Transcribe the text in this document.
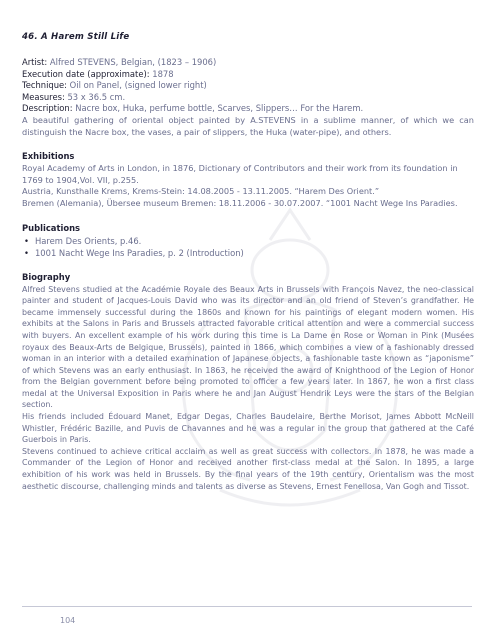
46. A Harem Still Life
Artist: Alfred STEVENS, Belgian, (1823 – 1906)
Execution date (approximate): 1878
Technique: Oil on Panel, (signed lower right)
Measures: 53 x 36.5 cm.
Description: Nacre box, Huka, perfume bottle, Scarves, Slippers… For the Harem.
A beautiful gathering of oriental object painted by A.STEVENS in a sublime manner, of which we can distinguish the Nacre box, the vases, a pair of slippers, the Huka (water-pipe), and others.
Exhibitions
Royal Academy of Arts in London, in 1876, Dictionary of Contributors and their work from its foundation in 1769 to 1904,Vol. VII, p.255.
Austria, Kunsthalle Krems, Krems-Stein: 14.08.2005 - 13.11.2005. “Harem Des Orient.”
Bremen (Alemania), Übersee museum Bremen: 18.11.2006 - 30.07.2007. “1001 Nacht Wege Ins Paradies.
Publications
• Harem Des Orients, p.46.
• 1001 Nacht Wege Ins Paradies, p. 2 (Introduction)
Biography
Alfred Stevens studied at the Académie Royale des Beaux Arts in Brussels with François Navez, the neo-classical painter and student of Jacques-Louis David who was its director and an old friend of Steven’s grandfather. He became immensely successful during the 1860s and known for his paintings of elegant modern women. His exhibits at the Salons in Paris and Brussels attracted favorable critical attention and were a commercial success with buyers. An excellent example of his work during this time is La Dame en Rose or Woman in Pink (Musées royaux des Beaux-Arts de Belgique, Brussels), painted in 1866, which combines a view of a fashionably dressed woman in an interior with a detailed examination of Japanese objects, a fashionable taste known as “japonisme” of which Stevens was an early enthusiast. In 1863, he received the award of Knighthood of the Legion of Honor from the Belgian government before being promoted to officer a few years later. In 1867, he won a first class medal at the Universal Exposition in Paris where he and Jan August Hendrik Leys were the stars of the Belgian section.
His friends included Édouard Manet, Edgar Degas, Charles Baudelaire, Berthe Morisot, James Abbott McNeill Whistler, Frédéric Bazille, and Puvis de Chavannes and he was a regular in the group that gathered at the Café Guerbois in Paris.
Stevens continued to achieve critical acclaim as well as great success with collectors. In 1878, he was made a Commander of the Legion of Honor and received another first-class medal at the Salon. In 1895, a large exhibition of his work was held in Brussels. By the final years of the 19th century, Orientalism was the most aesthetic discourse, challenging minds and talents as diverse as Stevens, Ernest Fenellosa, Van Gogh and Tissot.
104
